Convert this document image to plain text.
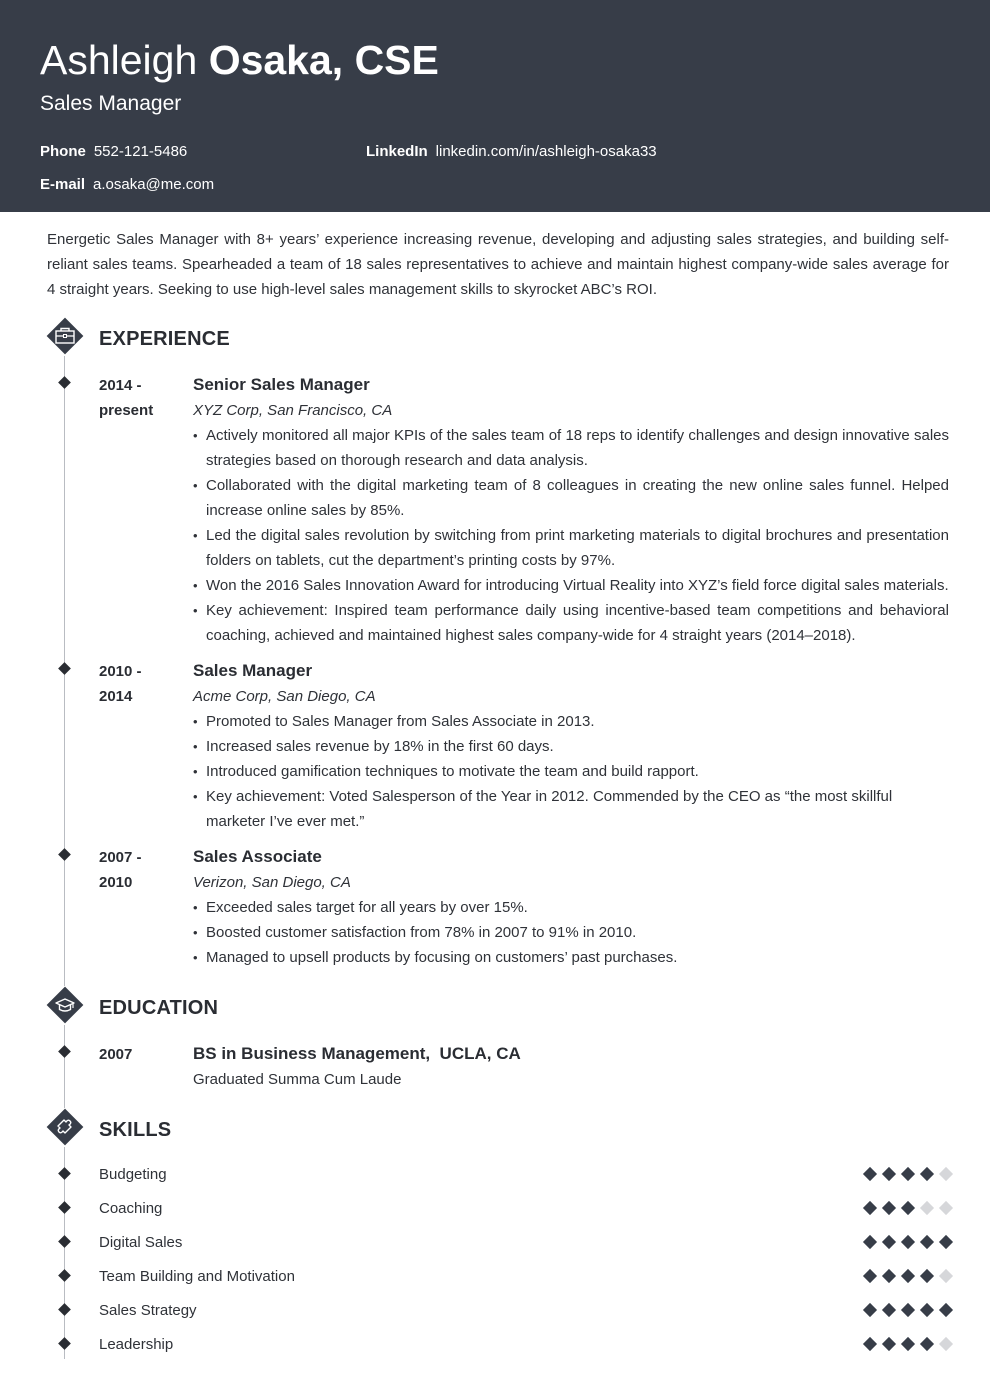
Ashleigh Osaka, CSE
Sales Manager
Phone 552-121-5486	LinkedIn linkedin.com/in/ashleigh-osaka33
E-mail a.osaka@me.com

Energetic Sales Manager with 8+ years’ experience increasing revenue, developing and adjusting sales strategies, and building self-reliant sales teams. Spearheaded a team of 18 sales representatives to achieve and maintain highest company-wide sales average for 4 straight years. Seeking to use high-level sales management skills to skyrocket ABC’s ROI.

EXPERIENCE
2014 -
present
Senior Sales Manager
XYZ Corp, San Francisco, CA
• Actively monitored all major KPIs of the sales team of 18 reps to identify challenges and design innovative sales strategies based on thorough research and data analysis.
• Collaborated with the digital marketing team of 8 colleagues in creating the new online sales funnel. Helped increase online sales by 85%.
• Led the digital sales revolution by switching from print marketing materials to digital brochures and presentation folders on tablets, cut the department’s printing costs by 97%.
• Won the 2016 Sales Innovation Award for introducing Virtual Reality into XYZ’s field force digital sales materials.
• Key achievement: Inspired team performance daily using incentive-based team competitions and behavioral coaching, achieved and maintained highest sales company-wide for 4 straight years (2014–2018).
2010 -
2014
Sales Manager
Acme Corp, San Diego, CA
• Promoted to Sales Manager from Sales Associate in 2013.
• Increased sales revenue by 18% in the first 60 days.
• Introduced gamification techniques to motivate the team and build rapport.
• Key achievement: Voted Salesperson of the Year in 2012. Commended by the CEO as “the most skillful marketer I’ve ever met.”
2007 -
2010
Sales Associate
Verizon, San Diego, CA
• Exceeded sales target for all years by over 15%.
• Boosted customer satisfaction from 78% in 2007 to 91% in 2010.
• Managed to upsell products by focusing on customers’ past purchases.
EDUCATION
2007	BS in Business Management,  UCLA, CA
Graduated Summa Cum Laude
SKILLS
Budgeting
Coaching
Digital Sales
Team Building and Motivation
Sales Strategy
Leadership
